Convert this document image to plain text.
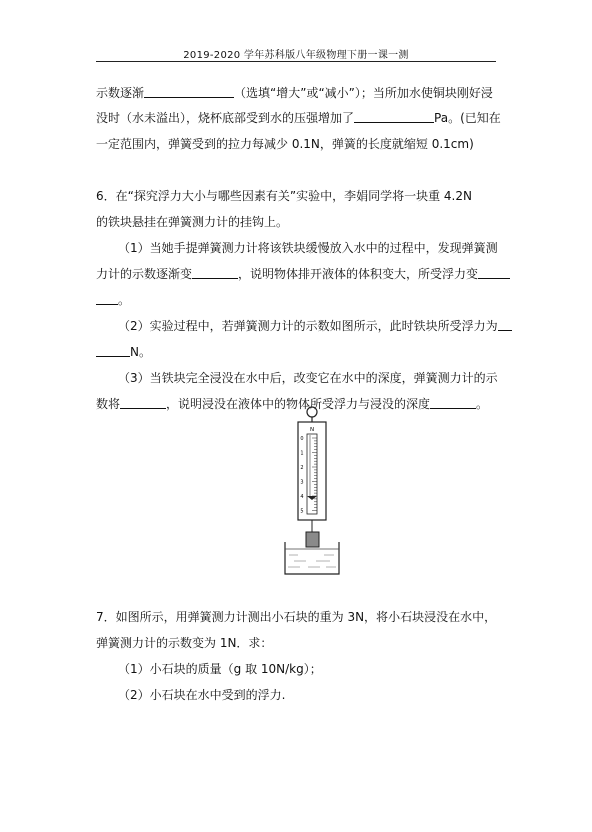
2019-2020 学年苏科版八年级物理下册一课一测
示数逐渐	（选填“增大”或“减小”）；当所加水使铜块刚好浸
没时（水未溢出），烧杯底部受到水的压强增加了	Pa。(已知在
一定范围内，弹簧受到的拉力每减少 0.1N，弹簧的长度就缩短 0.1cm)
6．在“探究浮力大小与哪些因素有关”实验中，李娟同学将一块重 4.2N
的铁块悬挂在弹簧测力计的挂钩上。
（1）当她手提弹簧测力计将该铁块缓慢放入水中的过程中，发现弹簧测
力计的示数逐渐变	，说明物体排开液体的体积变大，所受浮力变
。
（2）实验过程中，若弹簧测力计的示数如图所示，此时铁块所受浮力为
N。
（3）当铁块完全浸没在水中后，改变它在水中的深度，弹簧测力计的示
数将	，说明浸没在液体中的物体所受浮力与浸没的深度	。
N
0
1
2
3
4
5
7．如图所示，用弹簧测力计测出小石块的重为 3N，将小石块浸没在水中，
弹簧测力计的示数变为 1N．求：
（1）小石块的质量（g 取 10N/kg）；
（2）小石块在水中受到的浮力.
